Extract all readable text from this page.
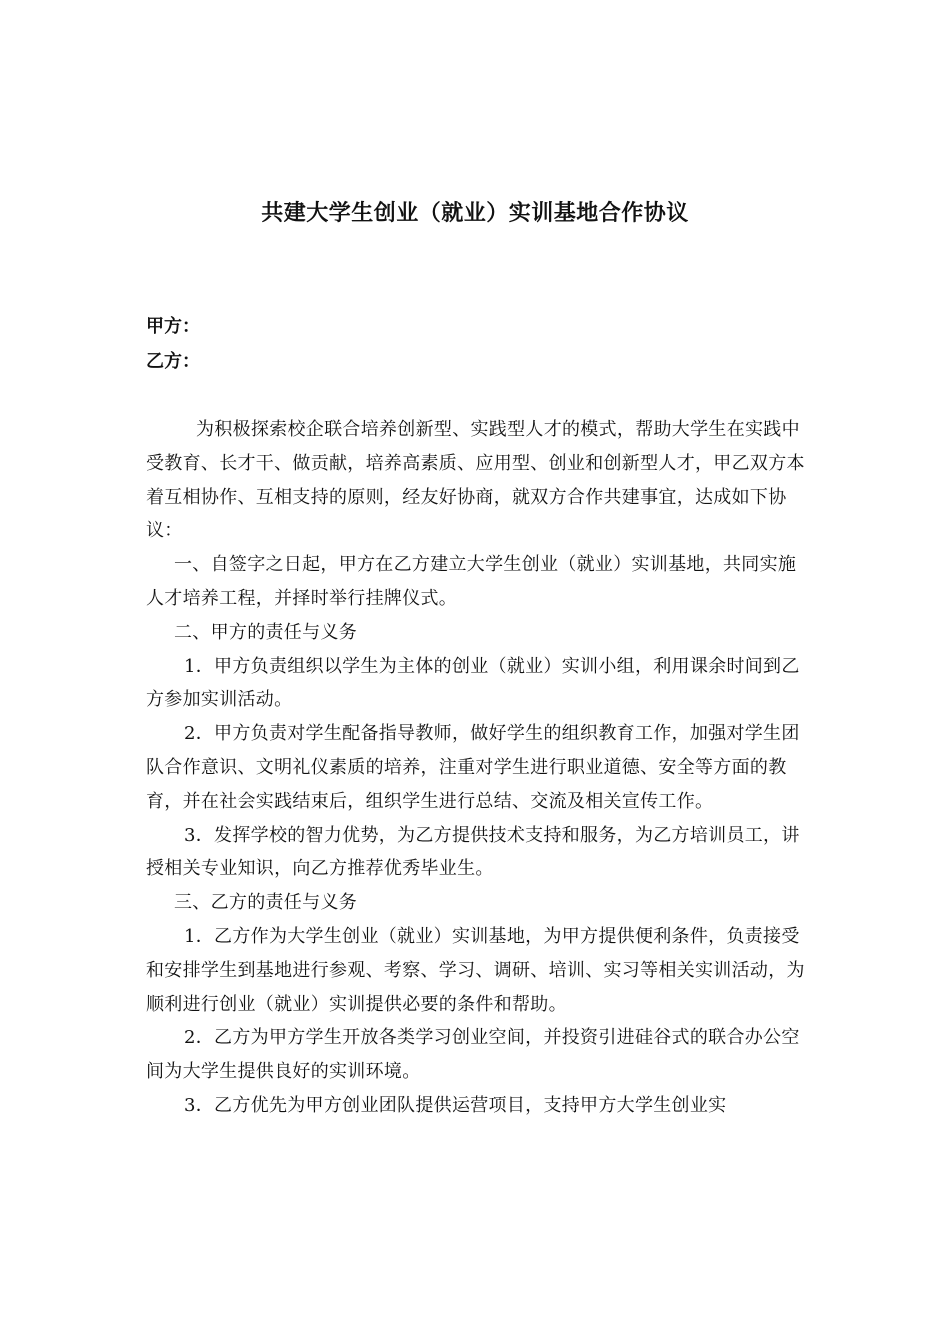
共建大学生创业（就业）实训基地合作协议

甲方：

乙方：

为积极探索校企联合培养创新型、实践型人才的模式，帮助大学生在实践中受教育、长才干、做贡献，培养高素质、应用型、创业和创新型人才，甲乙双方本着互相协作、互相支持的原则，经友好协商，就双方合作共建事宜，达成如下协议：

一、自签字之日起，甲方在乙方建立大学生创业（就业）实训基地，共同实施人才培养工程，并择时举行挂牌仪式。

二、甲方的责任与义务

1．甲方负责组织以学生为主体的创业（就业）实训小组，利用课余时间到乙方参加实训活动。

2．甲方负责对学生配备指导教师，做好学生的组织教育工作，加强对学生团队合作意识、文明礼仪素质的培养，注重对学生进行职业道德、安全等方面的教育，并在社会实践结束后，组织学生进行总结、交流及相关宣传工作。

3．发挥学校的智力优势，为乙方提供技术支持和服务，为乙方培训员工，讲授相关专业知识，向乙方推荐优秀毕业生。

三、乙方的责任与义务

1．乙方作为大学生创业（就业）实训基地，为甲方提供便利条件，负责接受和安排学生到基地进行参观、考察、学习、调研、培训、实习等相关实训活动，为顺利进行创业（就业）实训提供必要的条件和帮助。

2．乙方为甲方学生开放各类学习创业空间，并投资引进硅谷式的联合办公空间为大学生提供良好的实训环境。

3．乙方优先为甲方创业团队提供运营项目，支持甲方大学生创业实
